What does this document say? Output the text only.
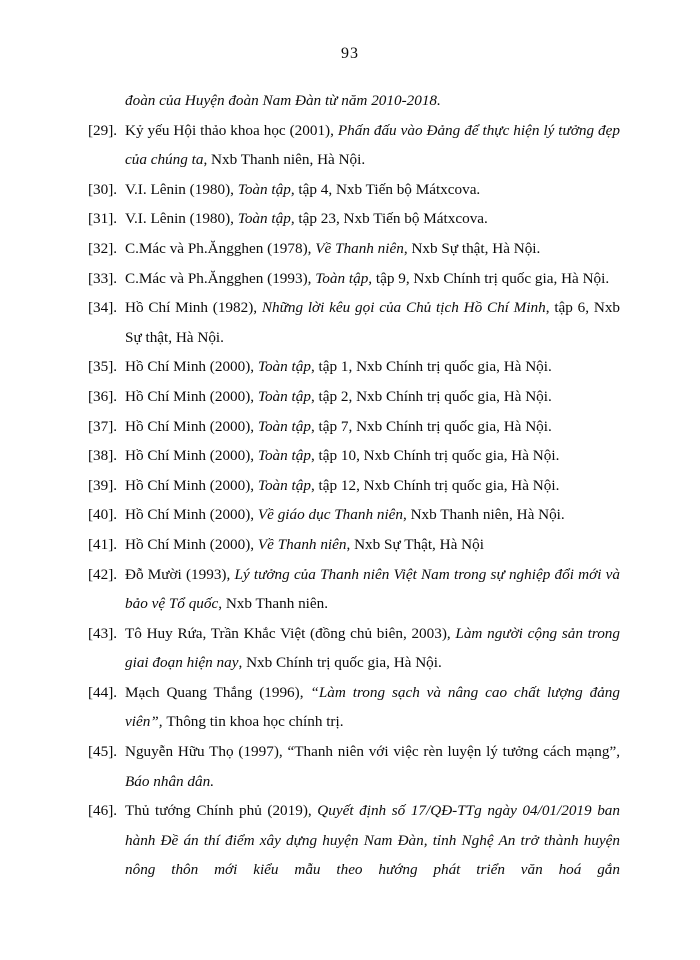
93
đoàn của Huyện đoàn Nam Đàn từ năm 2010-2018.
[29]. Kỷ yếu Hội thảo khoa học (2001), Phấn đấu vào Đảng để thực hiện lý tưởng đẹp của chúng ta, Nxb Thanh niên, Hà Nội.
[30]. V.I. Lênin (1980), Toàn tập, tập 4, Nxb Tiến bộ Mátxcova.
[31]. V.I. Lênin (1980), Toàn tập, tập 23, Nxb Tiến bộ Mátxcova.
[32]. C.Mác và Ph.Ăngghen (1978), Về Thanh niên, Nxb Sự thật, Hà Nội.
[33]. C.Mác và Ph.Ăngghen (1993), Toàn tập, tập 9, Nxb Chính trị quốc gia, Hà Nội.
[34]. Hồ Chí Minh (1982), Những lời kêu gọi của Chủ tịch Hồ Chí Minh, tập 6, Nxb Sự thật, Hà Nội.
[35]. Hồ Chí Minh (2000), Toàn tập, tập 1, Nxb Chính trị quốc gia, Hà Nội.
[36]. Hồ Chí Minh (2000), Toàn tập, tập 2, Nxb Chính trị quốc gia, Hà Nội.
[37]. Hồ Chí Minh (2000), Toàn tập, tập 7, Nxb Chính trị quốc gia, Hà Nội.
[38]. Hồ Chí Minh (2000), Toàn tập, tập 10, Nxb Chính trị quốc gia, Hà Nội.
[39]. Hồ Chí Minh (2000), Toàn tập, tập 12, Nxb Chính trị quốc gia, Hà Nội.
[40]. Hồ Chí Minh (2000), Về giáo dục Thanh niên, Nxb Thanh niên, Hà Nội.
[41]. Hồ Chí Minh (2000), Về Thanh niên, Nxb Sự Thật, Hà Nội
[42]. Đỗ Mười (1993), Lý tưởng của Thanh niên Việt Nam trong sự nghiệp đổi mới và bảo vệ Tổ quốc, Nxb Thanh niên.
[43]. Tô Huy Rứa, Trần Khắc Việt (đồng chủ biên, 2003), Làm người cộng sản trong giai đoạn hiện nay, Nxb Chính trị quốc gia, Hà Nội.
[44]. Mạch Quang Thắng (1996), “Làm trong sạch và nâng cao chất lượng đảng viên”, Thông tin khoa học chính trị.
[45]. Nguyễn Hữu Thọ (1997), “Thanh niên với việc rèn luyện lý tưởng cách mạng”, Báo nhân dân.
[46]. Thủ tướng Chính phủ (2019), Quyết định số 17/QĐ-TTg ngày 04/01/2019 ban hành Đề án thí điểm xây dựng huyện Nam Đàn, tỉnh Nghệ An trở thành huyện nông thôn mới kiểu mẫu theo hướng phát triển văn hoá gắn
